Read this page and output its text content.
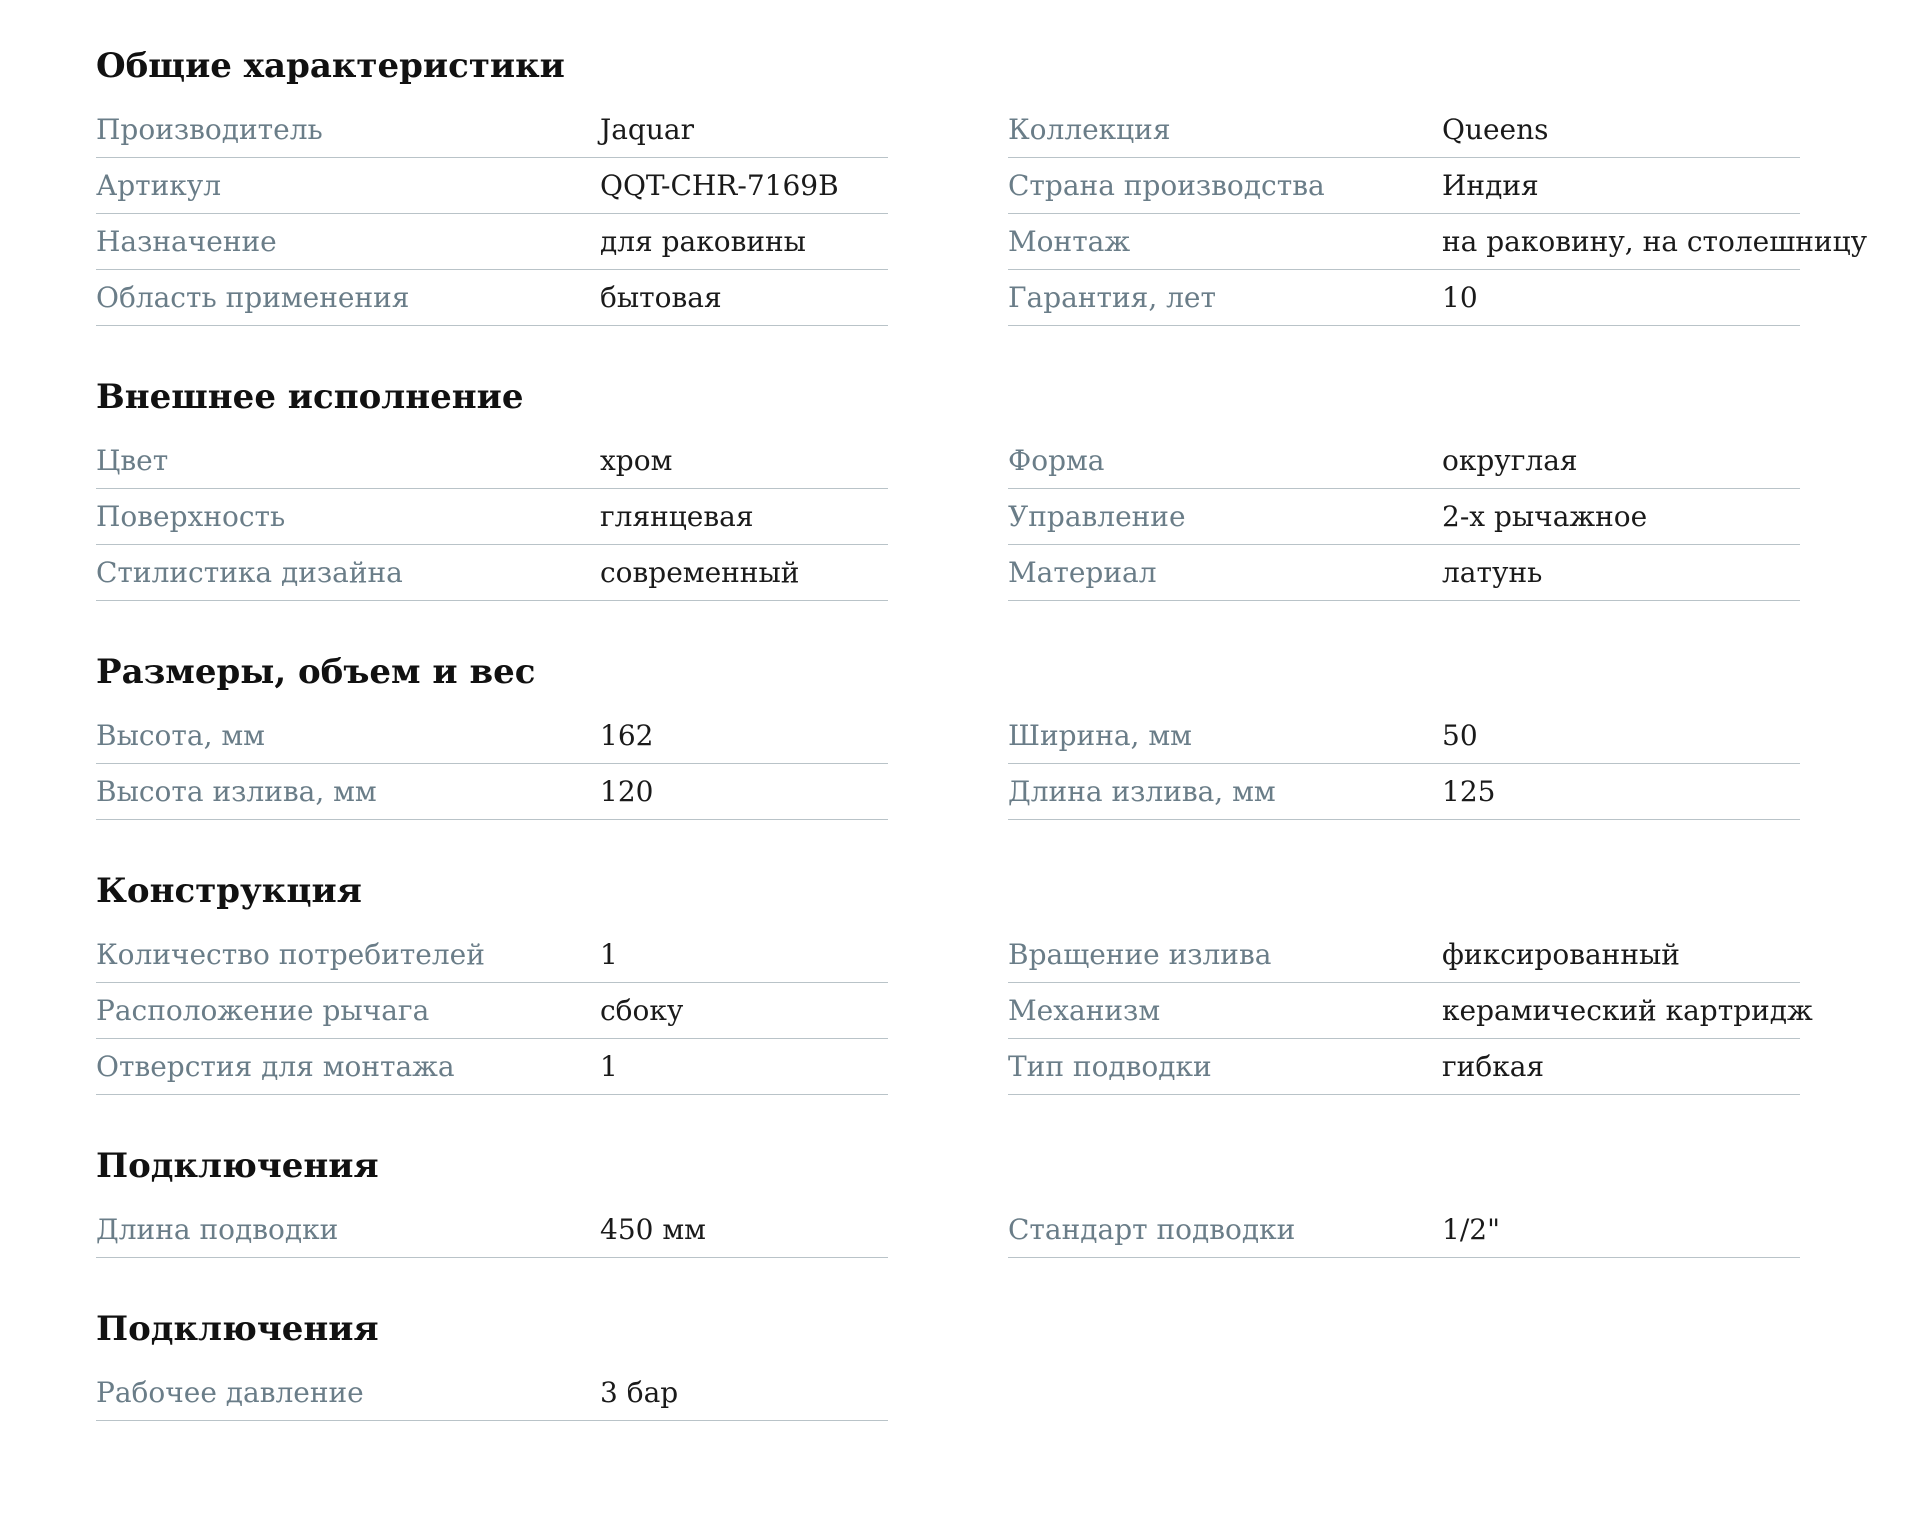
Общие характеристики
Производитель	Jaquar	Коллекция	Queens
Артикул	QQT-CHR-7169B	Страна производства	Индия
Назначение	для раковины	Монтаж	на раковину, на столешницу
Область применения	бытовая	Гарантия, лет	10
Внешнее исполнение
Цвет	хром	Форма	округлая
Поверхность	глянцевая	Управление	2-х рычажное
Стилистика дизайна	современный	Материал	латунь
Размеры, объем и вес
Высота, мм	162	Ширина, мм	50
Высота излива, мм	120	Длина излива, мм	125
Конструкция
Количество потребителей	1	Вращение излива	фиксированный
Расположение рычага	сбоку	Механизм	керамический картридж
Отверстия для монтажа	1	Тип подводки	гибкая
Подключения
Длина подводки	450 мм	Стандарт подводки	1/2"
Подключения
Рабочее давление	3 бар
